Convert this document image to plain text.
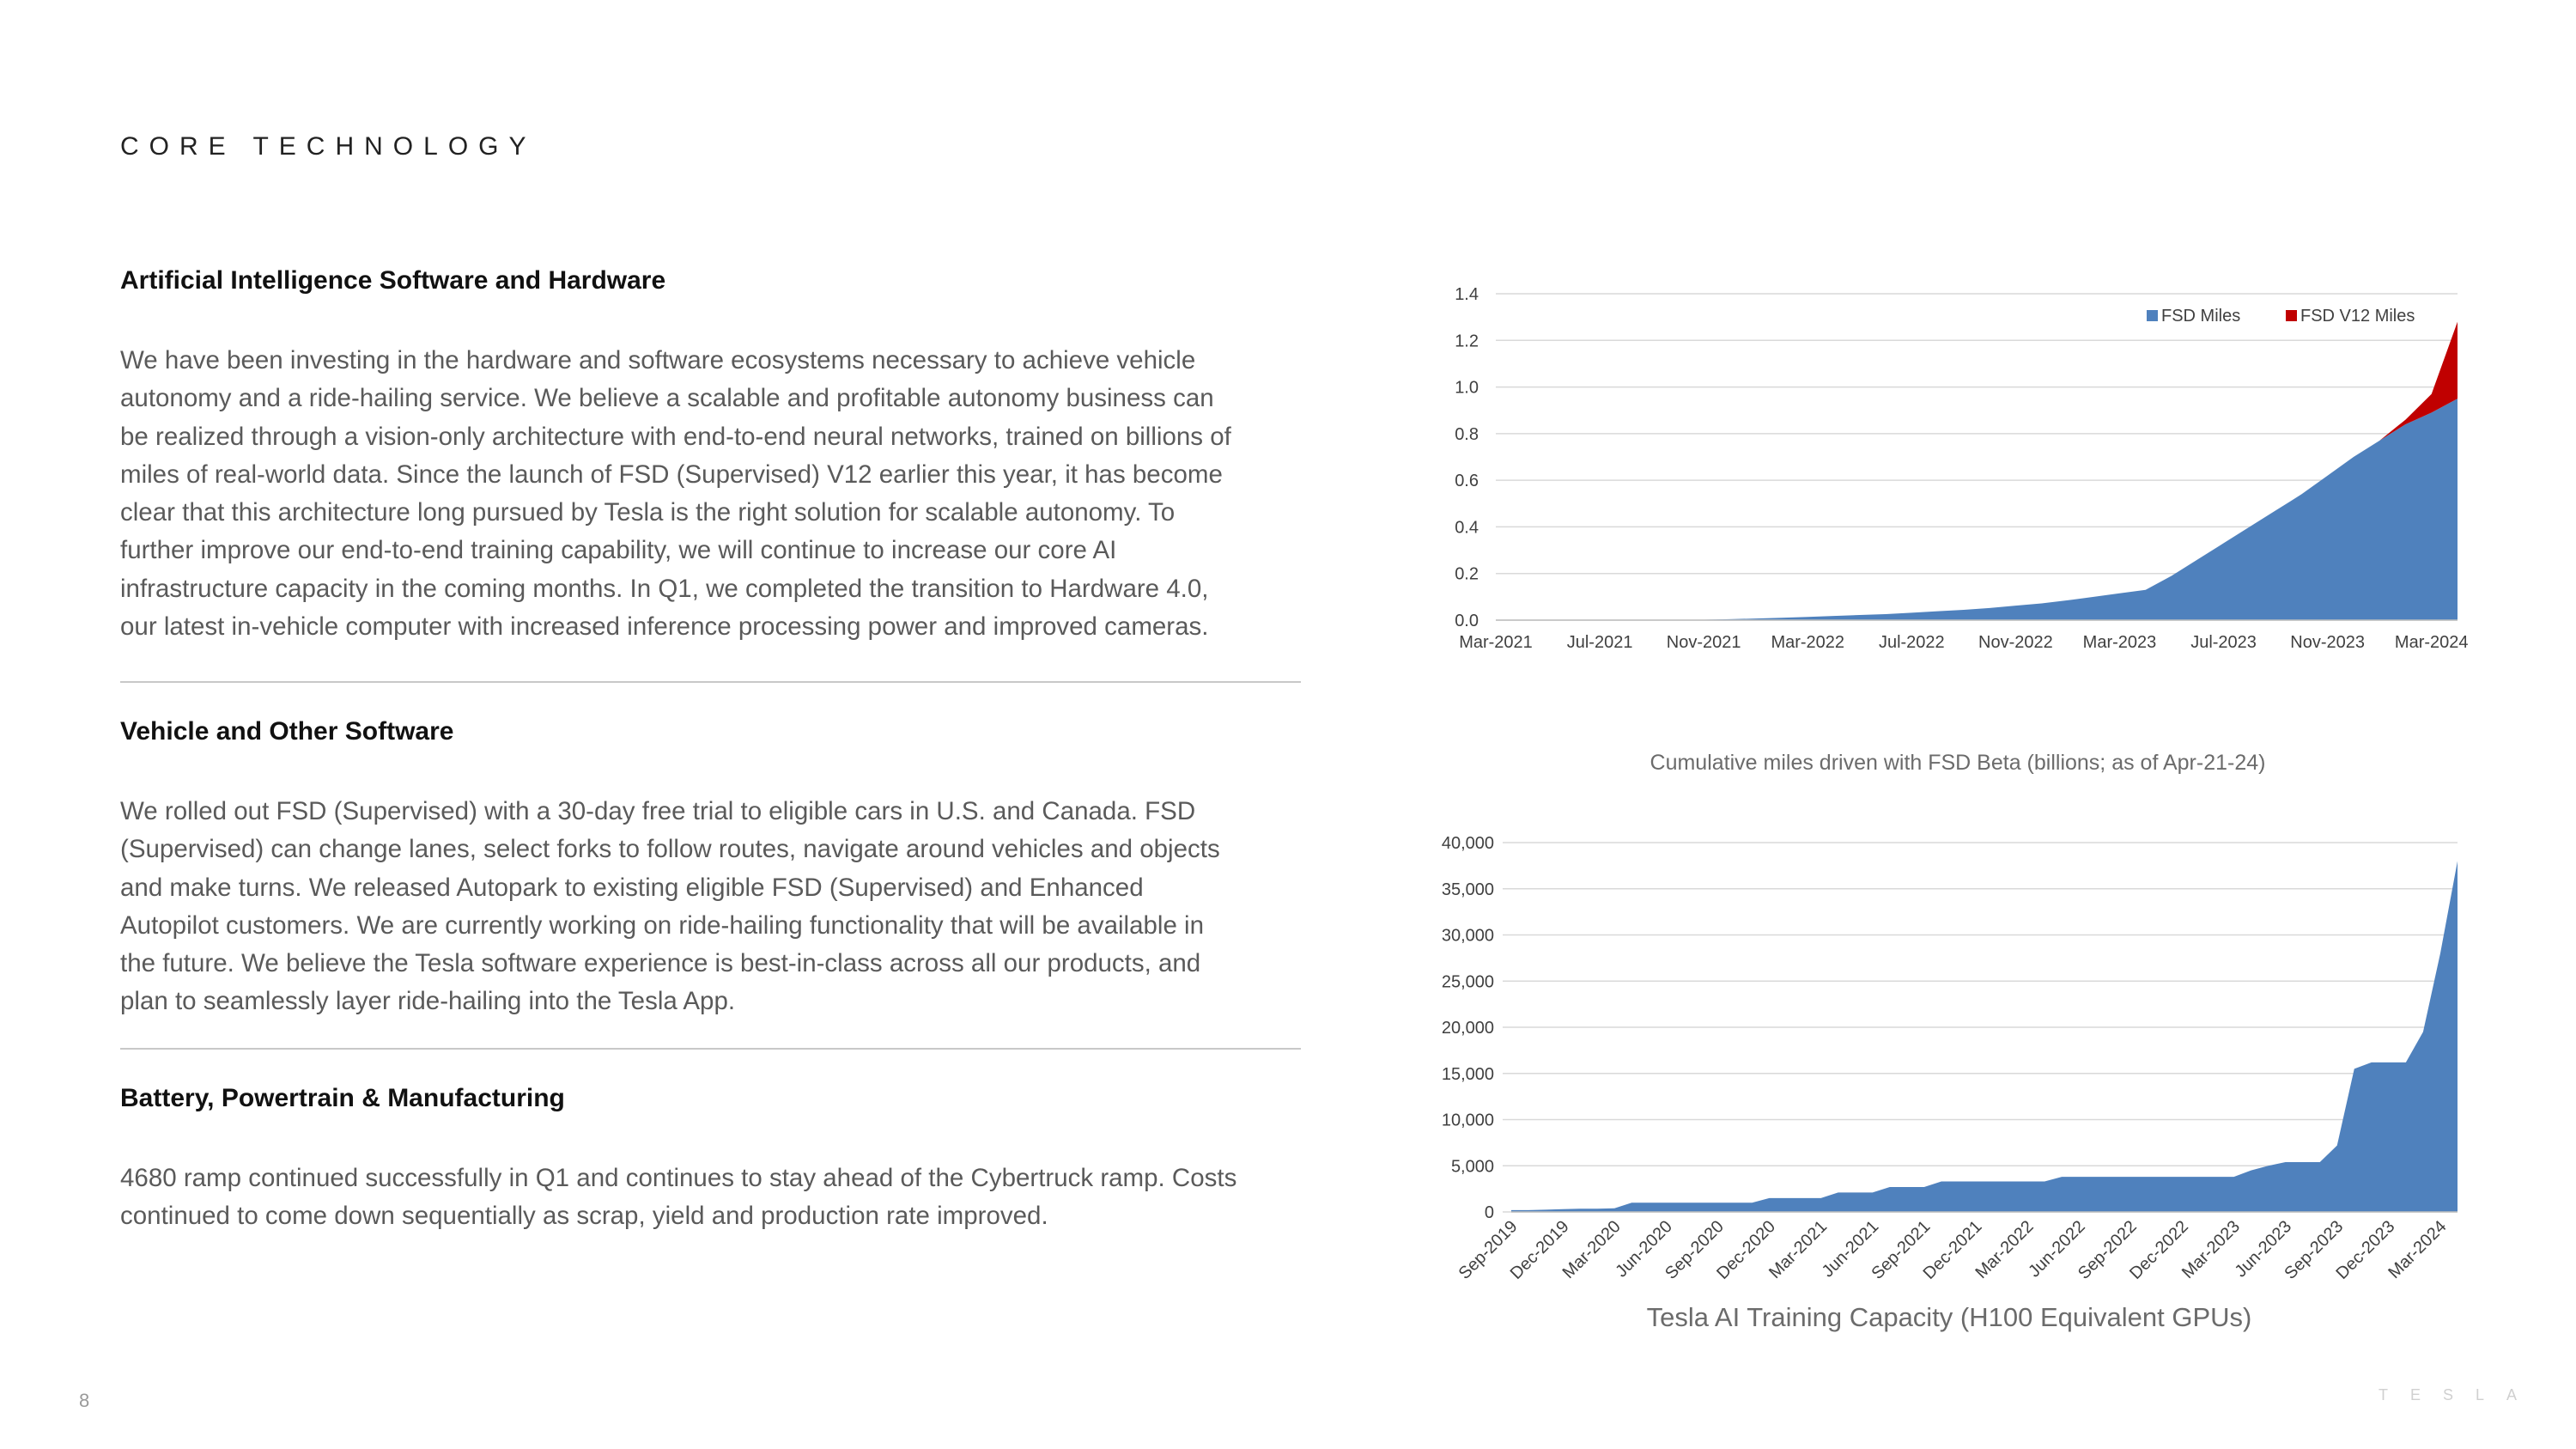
CORE TECHNOLOGY
Artificial Intelligence Software and Hardware

We have been investing in the hardware and software ecosystems necessary to achieve vehicle
autonomy and a ride-hailing service. We believe a scalable and profitable autonomy business can
be realized through a vision-only architecture with end-to-end neural networks, trained on billions of
miles of real-world data. Since the launch of FSD (Supervised) V12 earlier this year, it has become
clear that this architecture long pursued by Tesla is the right solution for scalable autonomy. To
further improve our end-to-end training capability, we will continue to increase our core AI
infrastructure capacity in the coming months. In Q1, we completed the transition to Hardware 4.0,
our latest in-vehicle computer with increased inference processing power and improved cameras.

Vehicle and Other Software

We rolled out FSD (Supervised) with a 30-day free trial to eligible cars in U.S. and Canada. FSD
(Supervised) can change lanes, select forks to follow routes, navigate around vehicles and objects
and make turns. We released Autopark to existing eligible FSD (Supervised) and Enhanced
Autopilot customers. We are currently working on ride-hailing functionality that will be available in
the future. We believe the Tesla software experience is best-in-class across all our products, and
plan to seamlessly layer ride-hailing into the Tesla App.

Battery, Powertrain & Manufacturing

4680 ramp continued successfully in Q1 and continues to stay ahead of the Cybertruck ramp. Costs
continued to come down sequentially as scrap, yield and production rate improved.

0.0
0.2
0.4
0.6
0.8
1.0
1.2
1.4
Mar-2021 Jul-2021 Nov-2021 Mar-2022 Jul-2022 Nov-2022 Mar-2023 Jul-2023 Nov-2023 Mar-2024
FSD Miles	FSD V12 Miles
Cumulative miles driven with FSD Beta (billions; as of Apr-21-24)
0
5,000
10,000
15,000
20,000
25,000
30,000
35,000
40,000
Sep-2019
Dec-2019
Mar-2020
Jun-2020
Sep-2020
Dec-2020
Mar-2021
Jun-2021
Sep-2021
Dec-2021
Mar-2022
Jun-2022
Sep-2022
Dec-2022
Mar-2023
Jun-2023
Sep-2023
Dec-2023
Mar-2024
Tesla AI Training Capacity (H100 Equivalent GPUs)
8	TESLA
